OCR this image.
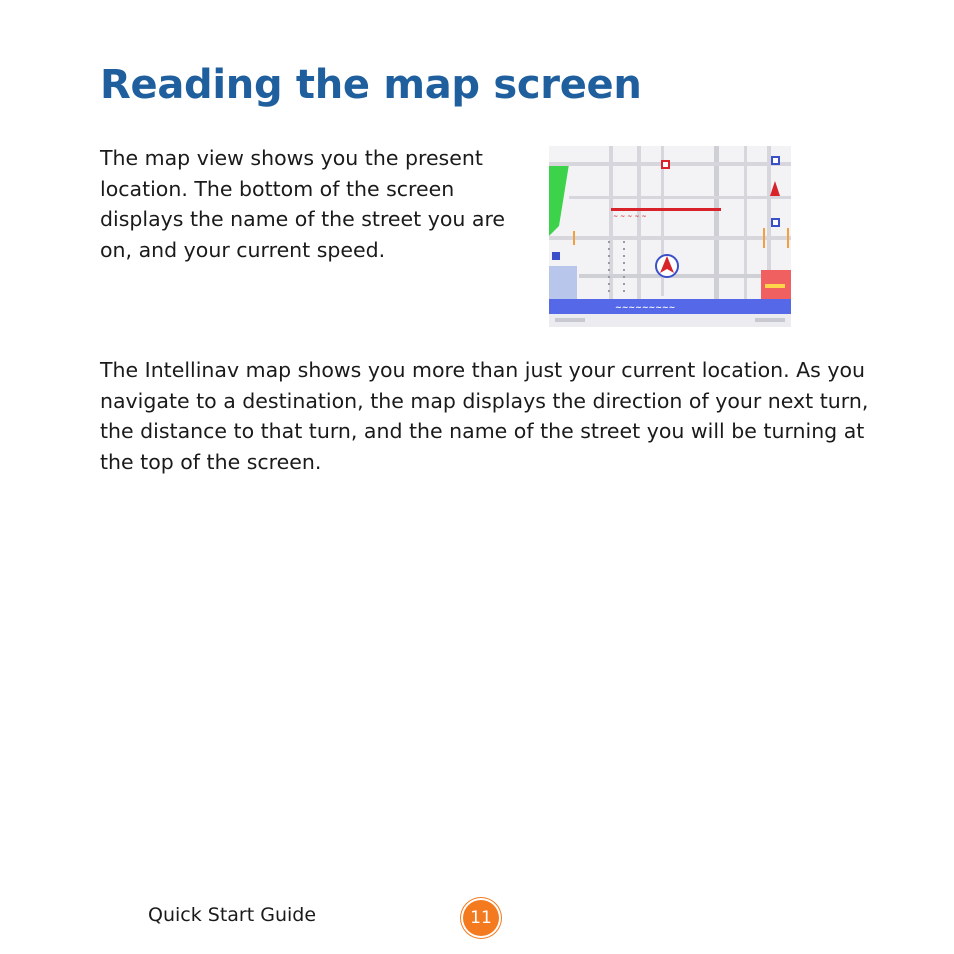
Reading the map screen

The map view shows you the present location. The bottom of the screen displays the name of the street you are on, and your current speed.

~ ~ ~ ~ ~
~~~~~~~~~

The Intellinav map shows you more than just your current location. As you navigate to a destination, the map displays the direction of your next turn, the distance to that turn, and the name of the street you will be turning at the top of the screen.

Quick Start Guide	11
